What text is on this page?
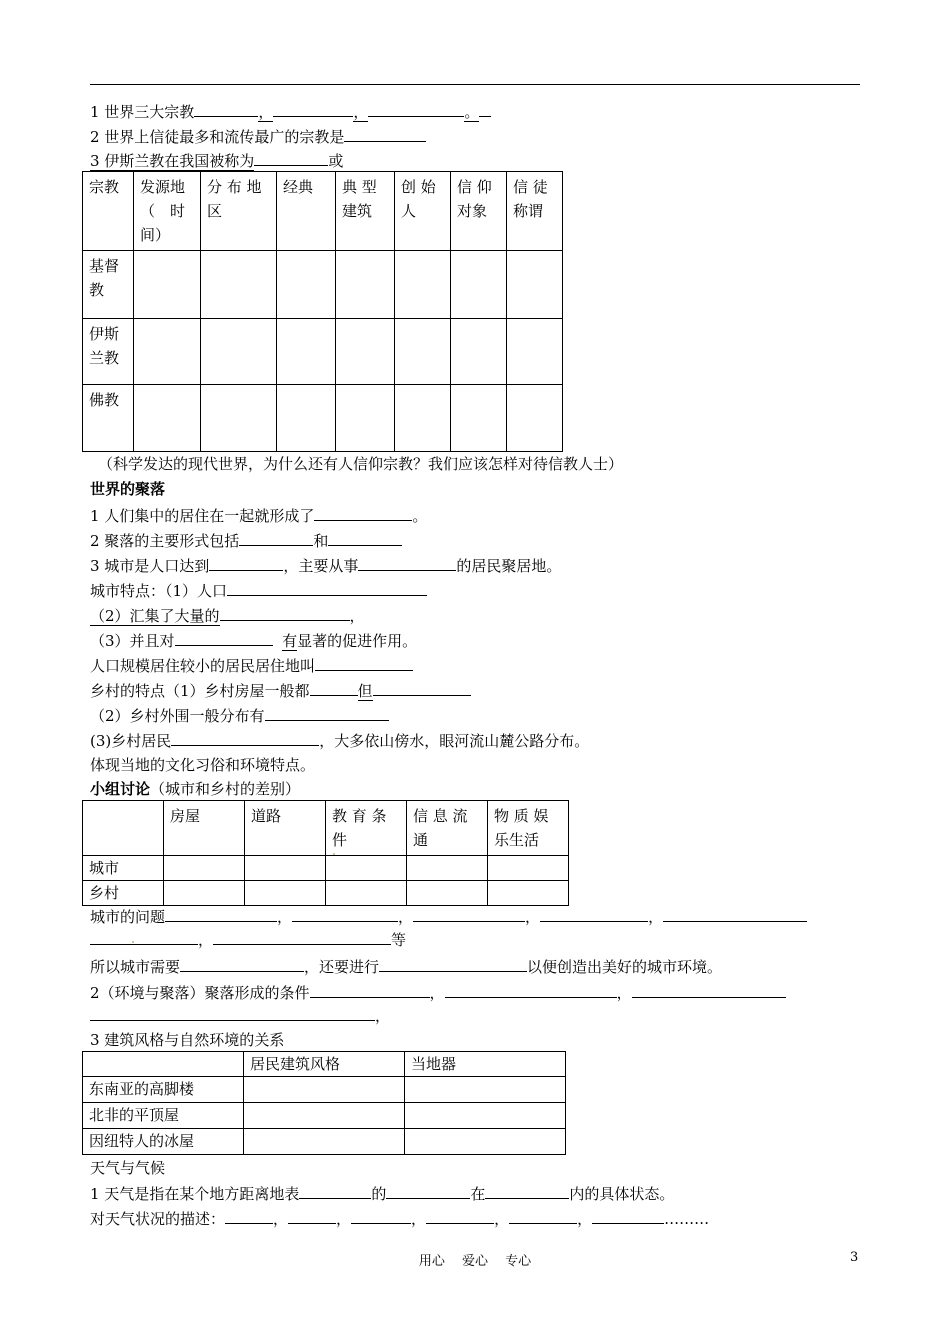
1 世界三大宗教	，	，	。
2 世界上信徒最多和流传最广的宗教是
3 伊斯兰教在我国被称为	或
宗教	发源地（　时间）	分 布 地区	经典	典 型建筑	创 始人	信 仰对象	信 徒称谓
基督教							
伊斯兰教							
佛教							
（科学发达的现代世界，为什么还有人信仰宗教？我们应该怎样对待信教人士）
世界的聚落
1 人们集中的居住在一起就形成了	。
2 聚落的主要形式包括	和
3 城市是人口达到	，主要从事	的居民聚居地。
城市特点：（1）人口
（2）汇集了大量的	，
（3）并且对	有显著的促进作用。
人口规模居住较小的居民居住地叫
乡村的特点（1）乡村房屋一般都	但
（2）乡村外围一般分布有
(3)乡村居民	，大多依山傍水，眼河流山麓公路分布。
体现当地的文化习俗和环境特点。
小组讨论（城市和乡村的差别）
	房屋	道路	教 育 条件	信 息 流通	物 质 娱乐生活
城市					
乡村					
城市的问题	，	，	，	，
，	等
所以城市需要	，还要进行	以便创造出美好的城市环境。
2（环境与聚落）聚落形成的条件	，	，
，
3 建筑风格与自然环境的关系
	居民建筑风格	当地器
东南亚的高脚楼		
北非的平顶屋		
因纽特人的冰屋		
天气与气候
1 天气是指在某个地方距离地表	的	在	内的具体状态。
对天气状况的描述：	，	，	，	，	，	………
用心　 爱心　 专心	3
